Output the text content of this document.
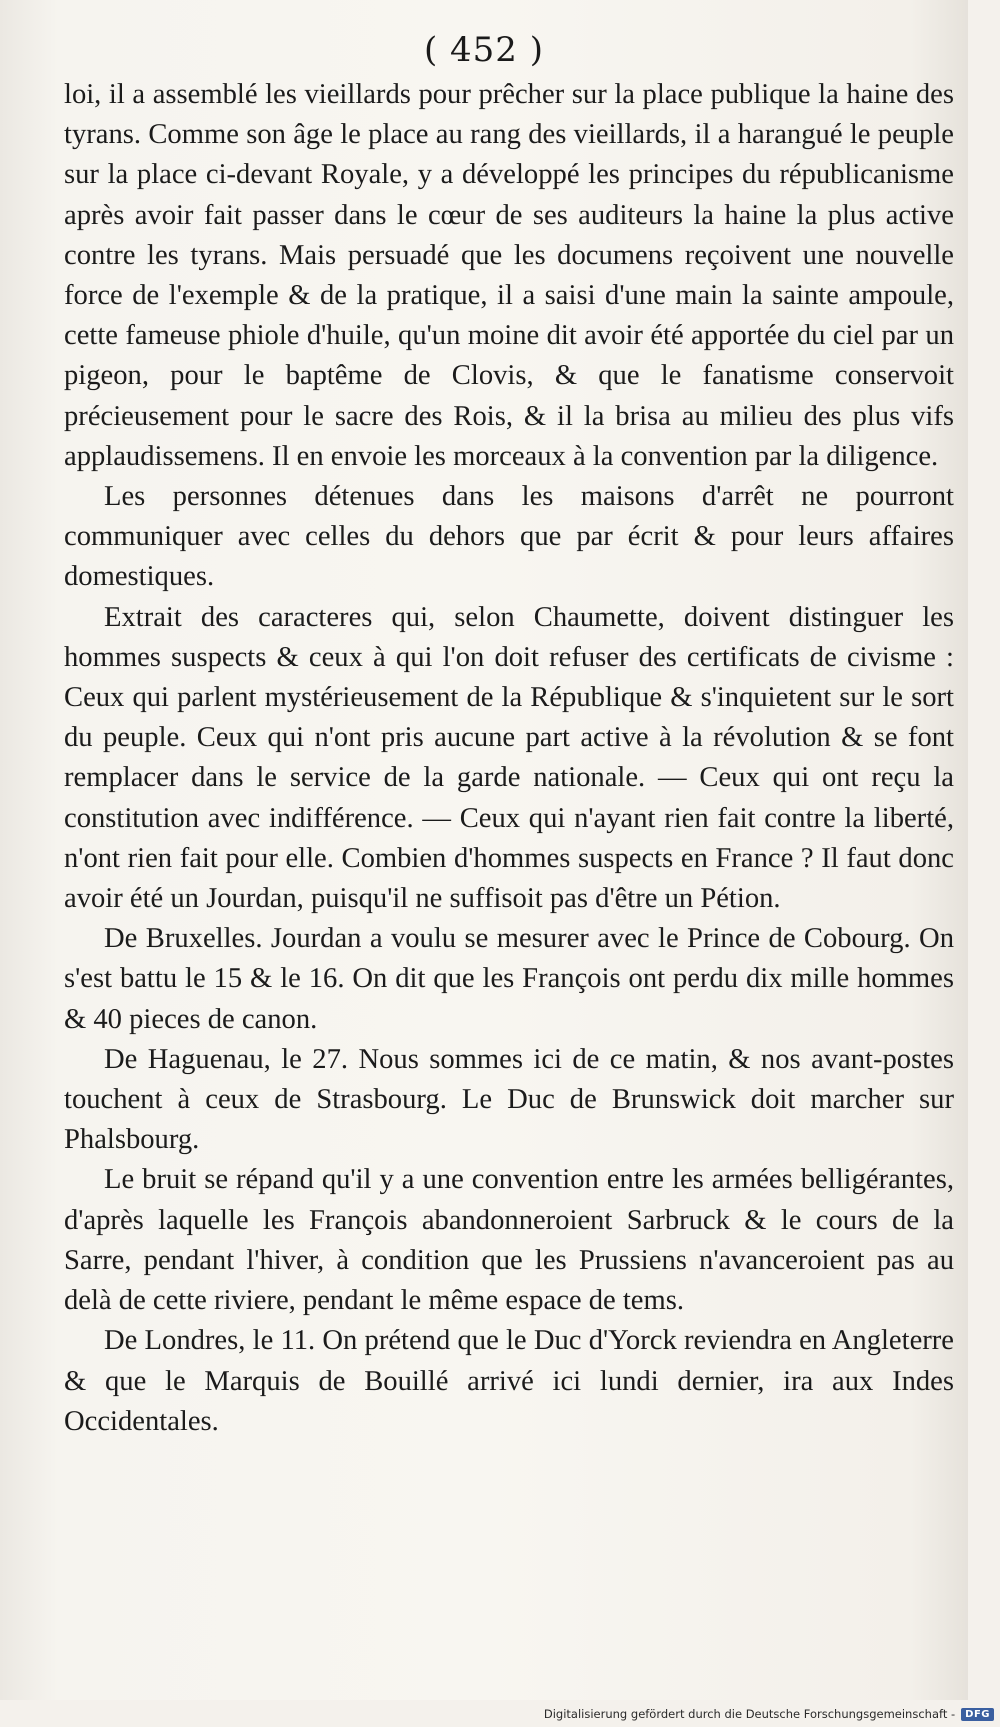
( 452 )

loi, il a assemblé les vieillards pour prêcher sur la place publique la haine des tyrans. Comme son âge le place au rang des vieillards, il a harangué le peuple sur la place ci-devant Royale, y a développé les principes du républicanisme après avoir fait passer dans le cœur de ses auditeurs la haine la plus active contre les tyrans. Mais persuadé que les documens reçoivent une nouvelle force de l'exemple & de la pratique, il a saisi d'une main la sainte ampoule, cette fameuse phiole d'huile, qu'un moine dit avoir été apportée du ciel par un pigeon, pour le baptême de Clovis, & que le fanatisme conservoit précieusement pour le sacre des Rois, & il la brisa au milieu des plus vifs applaudissemens. Il en envoie les morceaux à la convention par la diligence.

Les personnes détenues dans les maisons d'arrêt ne pourront communiquer avec celles du dehors que par écrit & pour leurs affaires domestiques.

Extrait des caracteres qui, selon Chaumette, doivent distinguer les hommes suspects & ceux à qui l'on doit refuser des certificats de civisme : Ceux qui parlent mystérieusement de la République & s'inquietent sur le sort du peuple. Ceux qui n'ont pris aucune part active à la révolution & se font remplacer dans le service de la garde nationale. — Ceux qui ont reçu la constitution avec indifférence. — Ceux qui n'ayant rien fait contre la liberté, n'ont rien fait pour elle. Combien d'hommes suspects en France ? Il faut donc avoir été un Jourdan, puisqu'il ne suffisoit pas d'être un Pétion.

De Bruxelles. Jourdan a voulu se mesurer avec le Prince de Cobourg. On s'est battu le 15 & le 16. On dit que les François ont perdu dix mille hommes & 40 pieces de canon.

De Haguenau, le 27. Nous sommes ici de ce matin, & nos avant-postes touchent à ceux de Strasbourg. Le Duc de Brunswick doit marcher sur Phalsbourg.

Le bruit se répand qu'il y a une convention entre les armées belligérantes, d'après laquelle les François abandonneroient Sarbruck & le cours de la Sarre, pendant l'hiver, à condition que les Prussiens n'avanceroient pas au delà de cette riviere, pendant le même espace de tems.

De Londres, le 11. On prétend que le Duc d'Yorck reviendra en Angleterre & que le Marquis de Bouillé arrivé ici lundi dernier, ira aux Indes Occidentales.

Digitalisierung gefördert durch die Deutsche Forschungsgemeinschaft -	DFG
